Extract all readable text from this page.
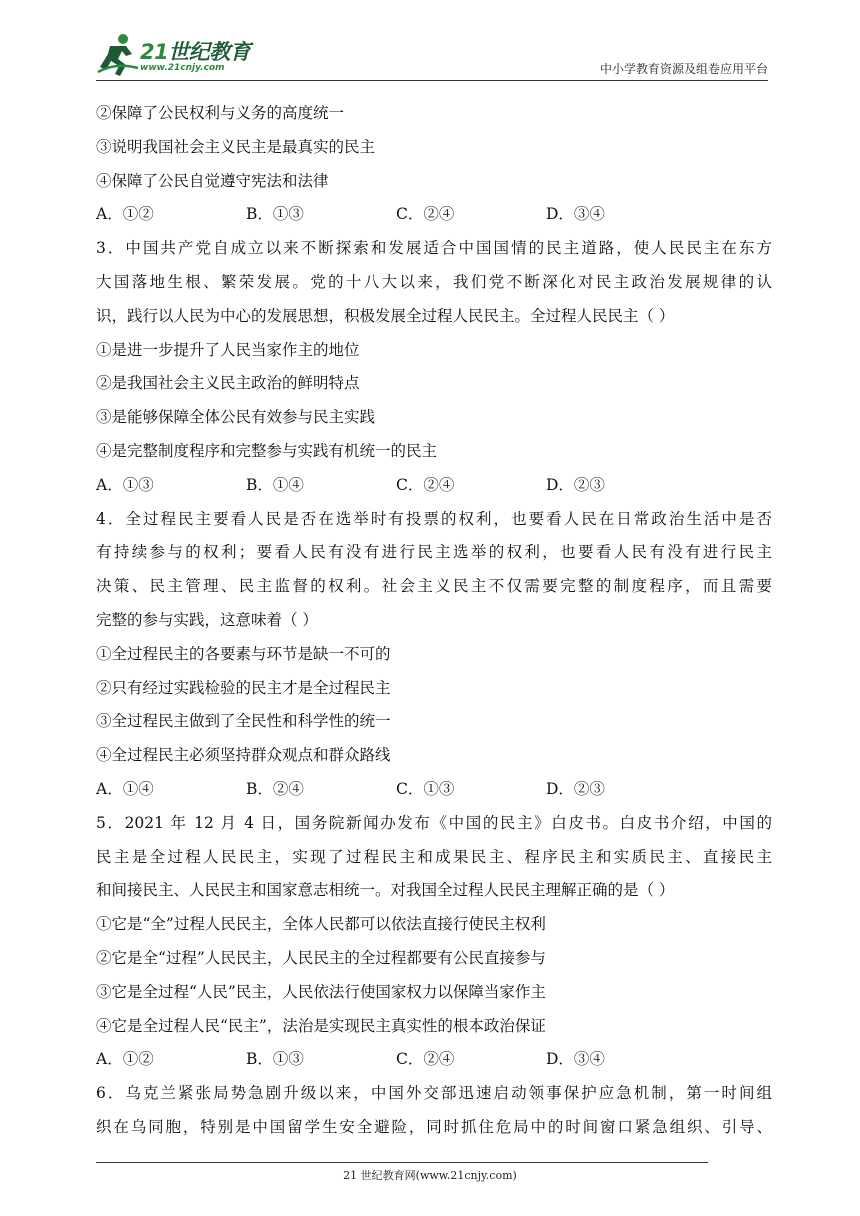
21世纪教育
www.21cnjy.com	中小学教育资源及组卷应用平台
②保障了公民权利与义务的高度统一
③说明我国社会主义民主是最真实的民主
④保障了公民自觉遵守宪法和法律
A．①②	B．①③	C．②④	D．③④
3．中国共产党自成立以来不断探索和发展适合中国国情的民主道路，使人民民主在东方
大国落地生根、繁荣发展。党的十八大以来，我们党不断深化对民主政治发展规律的认
识，践行以人民为中心的发展思想，积极发展全过程人民民主。全过程人民民主（ ）
①是进一步提升了人民当家作主的地位
②是我国社会主义民主政治的鲜明特点
③是能够保障全体公民有效参与民主实践
④是完整制度程序和完整参与实践有机统一的民主
A．①③	B．①④	C．②④	D．②③
4．全过程民主要看人民是否在选举时有投票的权利，也要看人民在日常政治生活中是否
有持续参与的权利；要看人民有没有进行民主选举的权利，也要看人民有没有进行民主
决策、民主管理、民主监督的权利。社会主义民主不仅需要完整的制度程序，而且需要
完整的参与实践，这意味着（ ）
①全过程民主的各要素与环节是缺一不可的
②只有经过实践检验的民主才是全过程民主
③全过程民主做到了全民性和科学性的统一
④全过程民主必须坚持群众观点和群众路线
A．①④	B．②④	C．①③	D．②③
5．2021 年 12 月 4 日，国务院新闻办发布《中国的民主》白皮书。白皮书介绍，中国的
民主是全过程人民民主，实现了过程民主和成果民主、程序民主和实质民主、直接民主
和间接民主、人民民主和国家意志相统一。对我国全过程人民民主理解正确的是（ ）
①它是“全”过程人民民主，全体人民都可以依法直接行使民主权利
②它是全“过程”人民民主，人民民主的全过程都要有公民直接参与
③它是全过程“人民”民主，人民依法行使国家权力以保障当家作主
④它是全过程人民“民主”，法治是实现民主真实性的根本政治保证
A．①②	B．①③	C．②④	D．③④
6．乌克兰紧张局势急剧升级以来，中国外交部迅速启动领事保护应急机制，第一时间组
织在乌同胞，特别是中国留学生安全避险，同时抓住危局中的时间窗口紧急组织、引导、
21 世纪教育网(www.21cnjy.com)
